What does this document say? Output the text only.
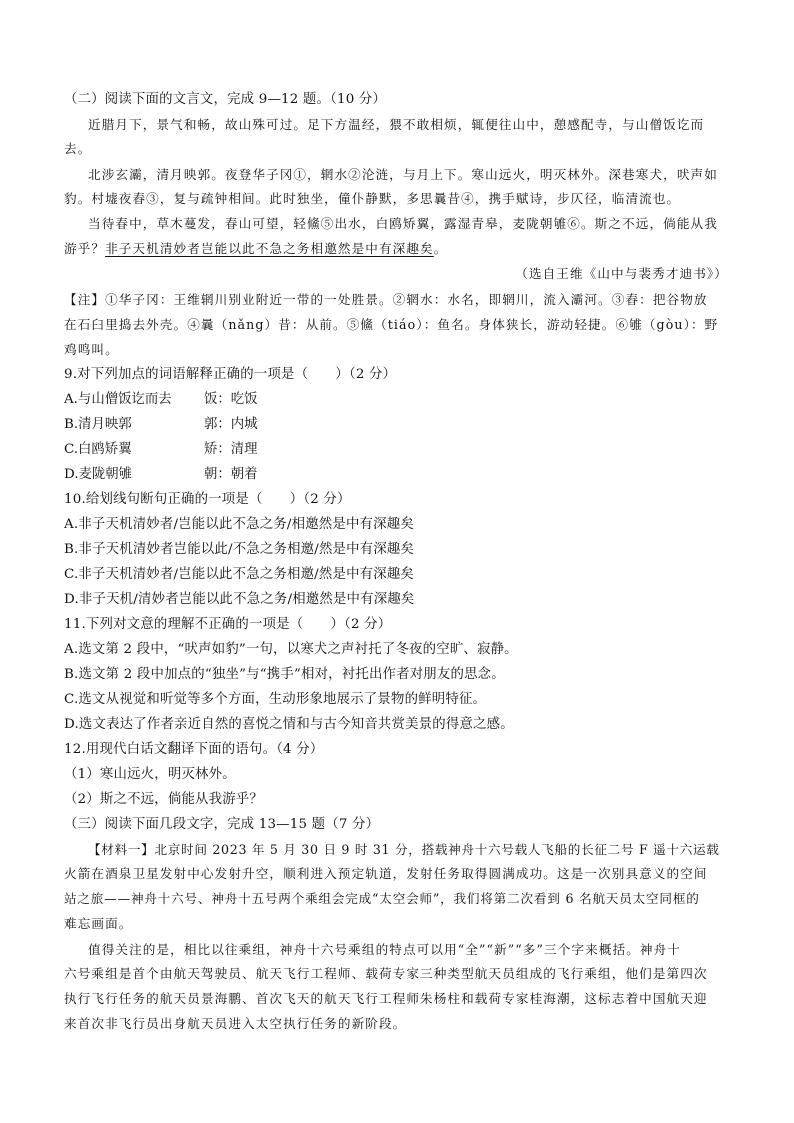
（二）阅读下面的文言文，完成 9—12 题。（10 分）
近腊月下，景气和畅，故山殊可过。足下方温经，猥不敢相烦，辄便往山中，憩感配寺，与山僧饭讫而
去。
北涉玄灞，清月映郭。夜登华子冈①，辋水②沦涟，与月上下。寒山远火，明灭林外。深巷寒犬，吠声如
豹。村墟夜舂③，复与疏钟相间。此时独坐，僮仆静默，多思曩昔④，携手赋诗，步仄径，临清流也。
当待春中，草木蔓发，春山可望，轻鯈⑤出水，白鸥矫翼，露湿青皋，麦陇朝雊⑥。斯之不远，倘能从我
游乎？非子天机清妙者岂能以此不急之务相邀然是中有深趣矣。
（选自王维《山中与裴秀才迪书》）
【注】①华子冈：王维辋川别业附近一带的一处胜景。②辋水：水名，即辋川，流入灞河。③舂：把谷物放
在石臼里捣去外壳。④曩（nǎng）昔：从前。⑤鯈（tiáo）：鱼名。身体狭长，游动轻捷。⑥雊（gòu）：野
鸡鸣叫。
9.对下列加点的词语解释正确的一项是（　　）（2 分）
A.与山僧饭讫而去 饭：吃饭
B.清月映郭	郭：内城
C.白鸥矫翼	矫：清理
D.麦陇朝雊	朝：朝着
10.给划线句断句正确的一项是（　　）（2 分）
A.非子天机清妙者/岂能以此不急之务/相邀然是中有深趣矣
B.非子天机清妙者岂能以此/不急之务相邀/然是中有深趣矣
C.非子天机清妙者/岂能以此不急之务相邀/然是中有深趣矣
D.非子天机/清妙者岂能以此不急之务/相邀然是中有深趣矣
11.下列对文意的理解不正确的一项是（　　）（2 分）
A.选文第 2 段中，“吠声如豹”一句，以寒犬之声衬托了冬夜的空旷、寂静。
B.选文第 2 段中加点的“独坐”与“携手”相对，衬托出作者对朋友的思念。
C.选文从视觉和听觉等多个方面，生动形象地展示了景物的鲜明特征。
D.选文表达了作者亲近自然的喜悦之情和与古今知音共赏美景的得意之感。
12.用现代白话文翻译下面的语句。（4 分）
（1）寒山远火，明灭林外。
（2）斯之不远，倘能从我游乎？
（三）阅读下面几段文字，完成 13—15 题（7 分）
【材料一】北京时间 2023 年 5 月 30 日 9 时 31 分，搭载神舟十六号载人飞船的长征二号 F 遥十六运载
火箭在酒泉卫星发射中心发射升空，顺利进入预定轨道，发射任务取得圆满成功。这是一次别具意义的空间
站之旅——神舟十六号、神舟十五号两个乘组会完成“太空会师”，我们将第二次看到 6 名航天员太空同框的
难忘画面。
值得关注的是，相比以往乘组，神舟十六号乘组的特点可以用“全”“新”“多”三个字来概括。神舟十
六号乘组是首个由航天驾驶员、航天飞行工程师、载荷专家三种类型航天员组成的飞行乘组，他们是第四次
执行飞行任务的航天员景海鹏、首次飞天的航天飞行工程师朱杨柱和载荷专家桂海潮，这标志着中国航天迎
来首次非飞行员出身航天员进入太空执行任务的新阶段。
